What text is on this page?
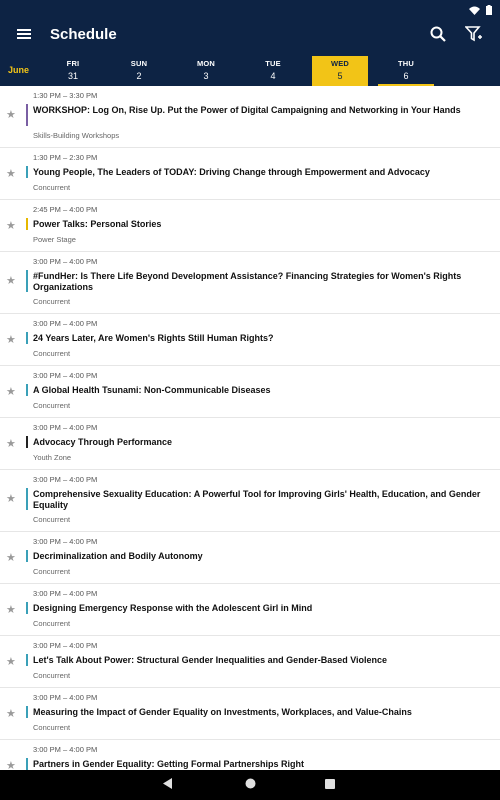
Schedule
June
FRI
31
SUN
2
MON
3
TUE
4
WED
5
THU
6
★
1:30 PM – 3:30 PM
WORKSHOP: Log On, Rise Up. Put the Power of Digital Campaigning and Networking in Your Hands
Skills-Building Workshops
★
1:30 PM – 2:30 PM
Young People, The Leaders of TODAY: Driving Change through Empowerment and Advocacy
Concurrent
★
2:45 PM – 4:00 PM
Power Talks: Personal Stories
Power Stage
★
3:00 PM – 4:00 PM
#FundHer: Is There Life Beyond Development Assistance? Financing Strategies for Women's Rights Organizations
Concurrent
★
3:00 PM – 4:00 PM
24 Years Later, Are Women's Rights Still Human Rights?
Concurrent
★
3:00 PM – 4:00 PM
A Global Health Tsunami: Non-Communicable Diseases
Concurrent
★
3:00 PM – 4:00 PM
Advocacy Through Performance
Youth Zone
★
3:00 PM – 4:00 PM
Comprehensive Sexuality Education: A Powerful Tool for Improving Girls' Health, Education, and Gender Equality
Concurrent
★
3:00 PM – 4:00 PM
Decriminalization and Bodily Autonomy
Concurrent
★
3:00 PM – 4:00 PM
Designing Emergency Response with the Adolescent Girl in Mind
Concurrent
★
3:00 PM – 4:00 PM
Let's Talk About Power: Structural Gender Inequalities and Gender-Based Violence
Concurrent
★
3:00 PM – 4:00 PM
Measuring the Impact of Gender Equality on Investments, Workplaces, and Value-Chains
Concurrent
★
3:00 PM – 4:00 PM
Partners in Gender Equality: Getting Formal Partnerships Right
